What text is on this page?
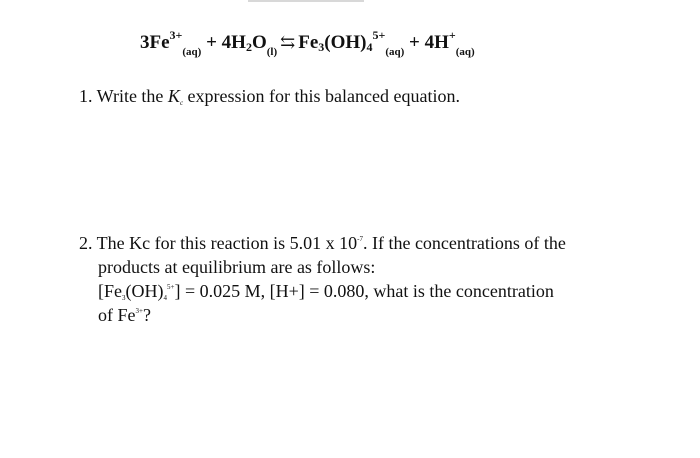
$3Fe^{3+}_{(aq)} + 4H_2O_{(l)}$ ⇆ $Fe_3(OH)_4^{5+}_{(aq)} + 4H^+_{(aq)}$
1. Write the Kc expression for this balanced equation.
2. The Kc for this reaction is 5.01 x $10^{-7}$. If the concentrations of the
products at equilibrium are as follows:
$[Fe3(OH)4^{5+}] = 0.025$ M, [H+] = 0.080, what is the concentration
of $Fe^{3+}$?
